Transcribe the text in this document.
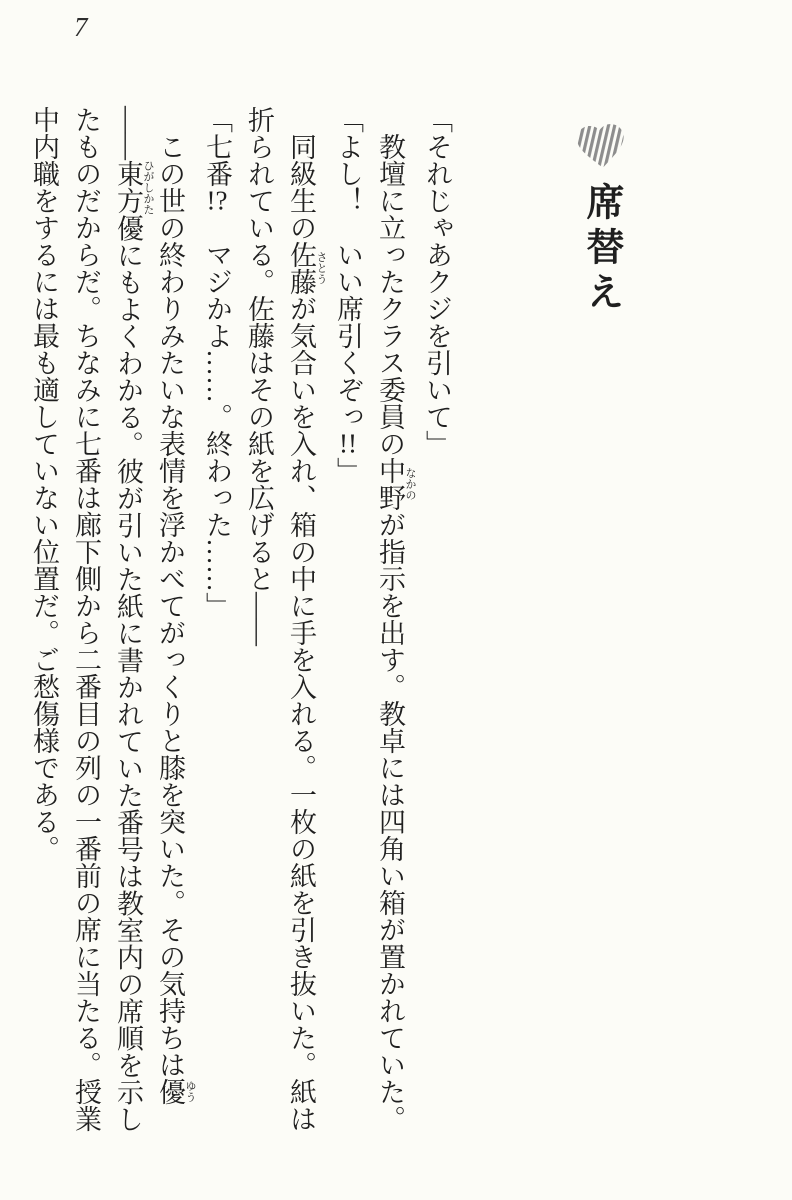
7
席替え

「それじゃあクジを引いて」

教壇に立ったクラス委員の中野 なかのが指示を出す。教卓には四角い箱が置かれていた。

「よし！　いい席引くぞっ!!」

同級生の佐藤 さとうが気合いを入れ、箱の中に手を入れる。一枚の紙を引き抜いた。紙は折られている。佐藤はその紙を広げると――

「七番!?　マジかよ……。終わった……」

この世の終わりみたいな表情を浮かべてがっくりと膝を突いた。その気持ちは優 ゆう――東方 ひがしかた優にもよくわかる。彼が引いた紙に書かれていた番号は教室内の席順を示したものだからだ。ちなみに七番は廊下側から二番目の列の一番前の席に当たる。授業中内職をするには最も適していない位置だ。ご愁傷様である。
